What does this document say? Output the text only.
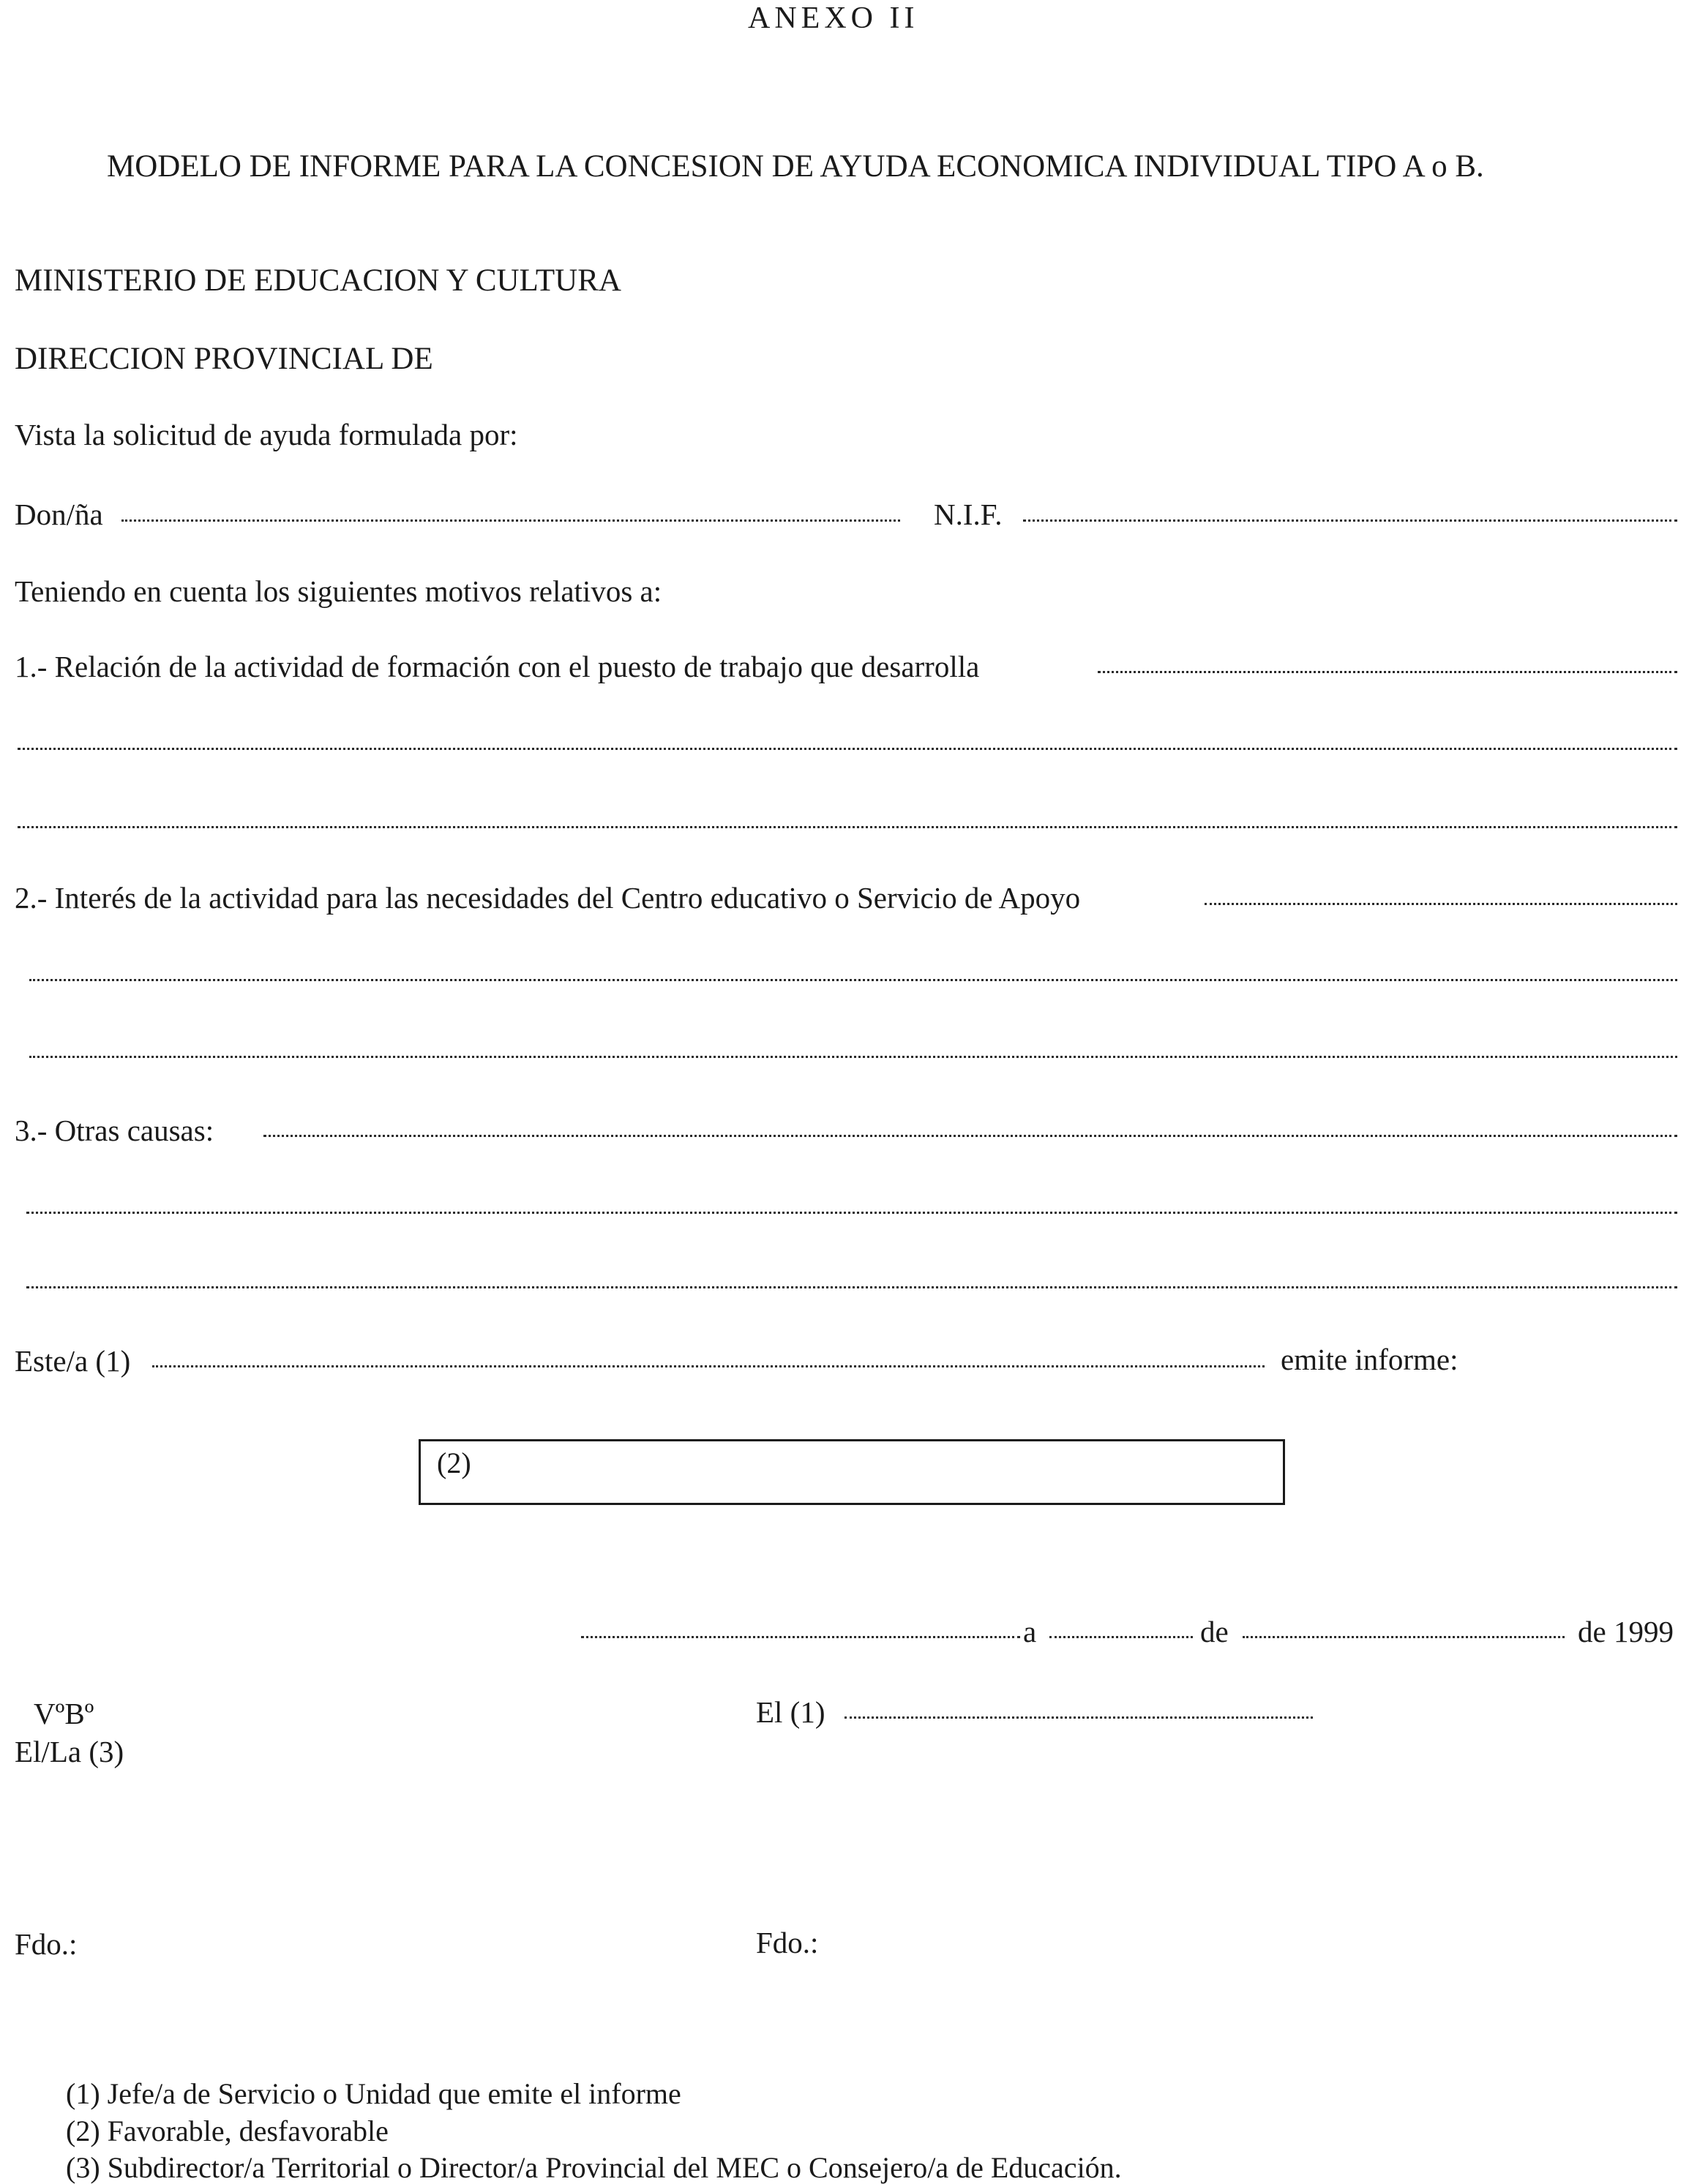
ANEXO II
MODELO DE INFORME PARA LA CONCESION DE AYUDA ECONOMICA INDIVIDUAL TIPO A o B.
MINISTERIO DE EDUCACION Y CULTURA
DIRECCION PROVINCIAL DE
Vista la solicitud de ayuda formulada por:
Don/ña	N.I.F.
Teniendo en cuenta los siguientes motivos relativos a:
1.- Relación de la actividad de formación con el puesto de trabajo que desarrolla
2.- Interés de la actividad para las necesidades del Centro educativo o Servicio de Apoyo
3.- Otras causas:
Este/a (1)	emite informe:
(2)
a	de	de 1999
VºBº
El/La (3)
El (1)
Fdo.:	Fdo.:
(1) Jefe/a de Servicio o Unidad que emite el informe
(2) Favorable, desfavorable
(3) Subdirector/a Territorial o Director/a Provincial del MEC o Consejero/a de Educación.
